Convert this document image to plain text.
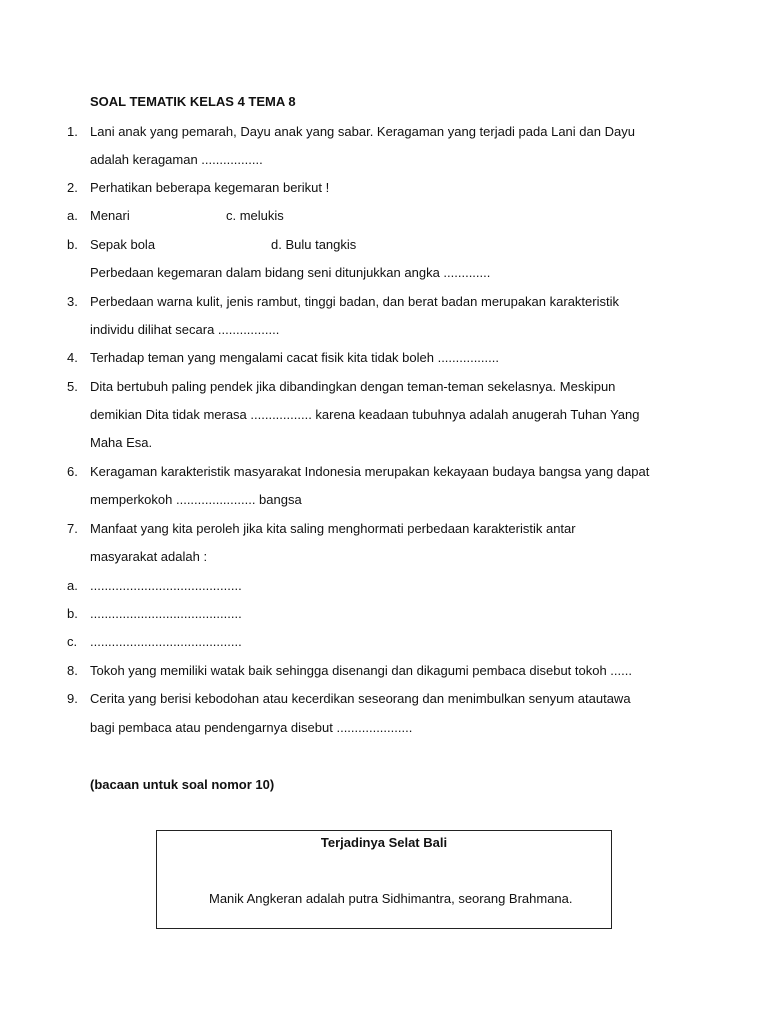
SOAL TEMATIK KELAS 4 TEMA 8
1. Lani anak yang pemarah, Dayu anak yang sabar. Keragaman yang terjadi pada Lani dan Dayu
adalah keragaman .................
2. Perhatikan beberapa kegemaran berikut !
a. Menari	c. melukis
b. Sepak bola	d. Bulu tangkis
Perbedaan kegemaran dalam bidang seni ditunjukkan angka .............
3. Perbedaan warna kulit, jenis rambut, tinggi badan, dan berat badan merupakan karakteristik
individu dilihat secara .................
4. Terhadap teman yang mengalami cacat fisik kita tidak boleh .................
5. Dita bertubuh paling pendek jika dibandingkan dengan teman-teman sekelasnya. Meskipun
demikian Dita tidak merasa ................. karena keadaan tubuhnya adalah anugerah Tuhan Yang
Maha Esa.
6. Keragaman karakteristik masyarakat Indonesia merupakan kekayaan budaya bangsa yang dapat
memperkokoh ...................... bangsa
7. Manfaat yang kita peroleh jika kita saling menghormati perbedaan karakteristik antar
masyarakat adalah :
a. ..........................................
b. ..........................................
c. ..........................................
8. Tokoh yang memiliki watak baik sehingga disenangi dan dikagumi pembaca disebut tokoh ......
9. Cerita yang berisi kebodohan atau kecerdikan seseorang dan menimbulkan senyum atautawa
bagi pembaca atau pendengarnya disebut .....................
(bacaan untuk soal nomor 10)
Terjadinya Selat Bali
Manik Angkeran adalah putra Sidhimantra, seorang Brahmana.
